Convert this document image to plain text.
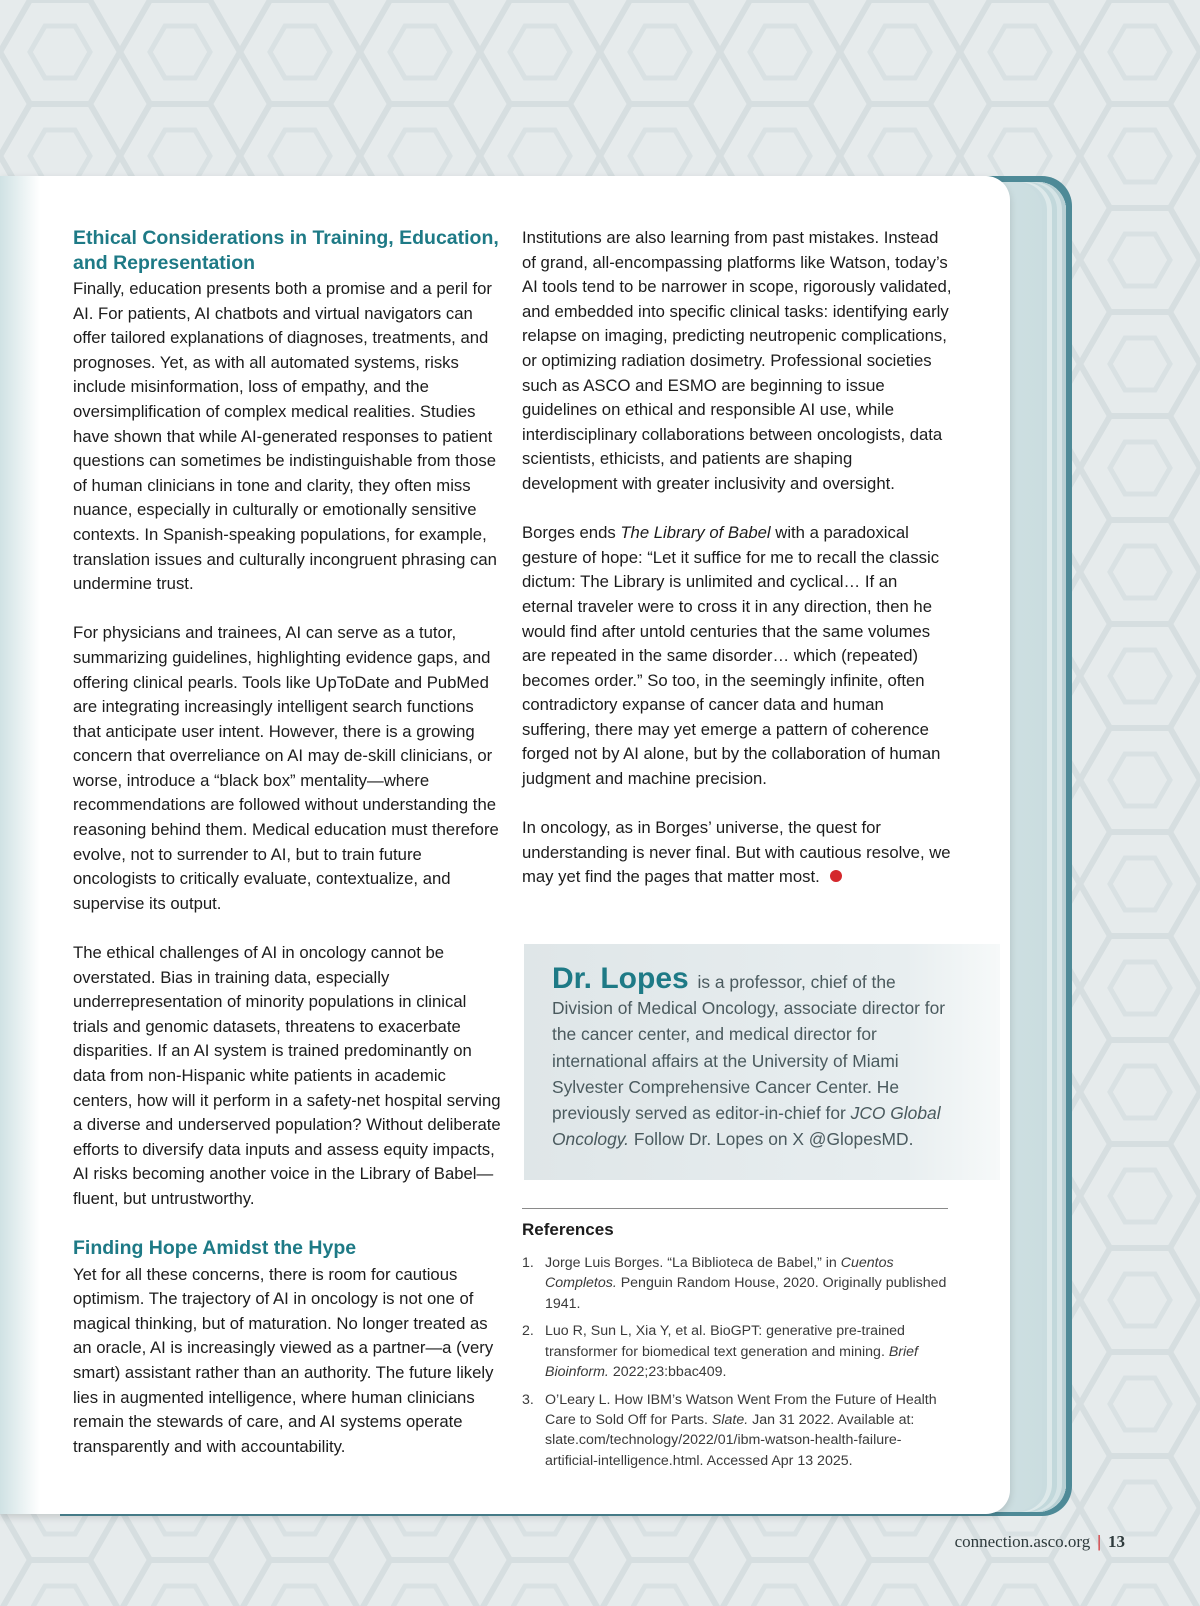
Ethical Considerations in Training, Education, and Representation

Finally, education presents both a promise and a peril for AI. For patients, AI chatbots and virtual navigators can offer tailored explanations of diagnoses, treatments, and prognoses. Yet, as with all automated systems, risks include misinformation, loss of empathy, and the oversimplification of complex medical realities. Studies have shown that while AI-generated responses to patient questions can sometimes be indistinguishable from those of human clinicians in tone and clarity, they often miss nuance, especially in culturally or emotionally sensitive contexts. In Spanish-speaking populations, for example, translation issues and culturally incongruent phrasing can undermine trust.

For physicians and trainees, AI can serve as a tutor, summarizing guidelines, highlighting evidence gaps, and offering clinical pearls. Tools like UpToDate and PubMed are integrating increasingly intelligent search functions that anticipate user intent. However, there is a growing concern that overreliance on AI may de-skill clinicians, or worse, introduce a “black box” mentality—where recommendations are followed without understanding the reasoning behind them. Medical education must therefore evolve, not to surrender to AI, but to train future oncologists to critically evaluate, contextualize, and supervise its output.

The ethical challenges of AI in oncology cannot be overstated. Bias in training data, especially underrepresentation of minority populations in clinical trials and genomic datasets, threatens to exacerbate disparities. If an AI system is trained predominantly on data from non-Hispanic white patients in academic centers, how will it perform in a safety-net hospital serving a diverse and underserved population? Without deliberate efforts to diversify data inputs and assess equity impacts, AI risks becoming another voice in the Library of Babel—fluent, but untrustworthy.

Finding Hope Amidst the Hype

Yet for all these concerns, there is room for cautious optimism. The trajectory of AI in oncology is not one of magical thinking, but of maturation. No longer treated as an oracle, AI is increasingly viewed as a partner—a (very smart) assistant rather than an authority. The future likely lies in augmented intelligence, where human clinicians remain the stewards of care, and AI systems operate transparently and with accountability.

Institutions are also learning from past mistakes. Instead of grand, all-encompassing platforms like Watson, today’s AI tools tend to be narrower in scope, rigorously validated, and embedded into specific clinical tasks: identifying early relapse on imaging, predicting neutropenic complications, or optimizing radiation dosimetry. Professional societies such as ASCO and ESMO are beginning to issue guidelines on ethical and responsible AI use, while interdisciplinary collaborations between oncologists, data scientists, ethicists, and patients are shaping development with greater inclusivity and oversight.

Borges ends The Library of Babel with a paradoxical gesture of hope: “Let it suffice for me to recall the classic dictum: The Library is unlimited and cyclical… If an eternal traveler were to cross it in any direction, then he would find after untold centuries that the same volumes are repeated in the same disorder… which (repeated) becomes order.” So too, in the seemingly infinite, often contradictory expanse of cancer data and human suffering, there may yet emerge a pattern of coherence forged not by AI alone, but by the collaboration of human judgment and machine precision.

In oncology, as in Borges’ universe, the quest for understanding is never final. But with cautious resolve, we may yet find the pages that matter most.

Dr. Lopes is a professor, chief of the Division of Medical Oncology, associate director for the cancer center, and medical director for international affairs at the University of Miami Sylvester Comprehensive Cancer Center. He previously served as editor-in-chief for JCO Global Oncology. Follow Dr. Lopes on X @GlopesMD.
References
1. Jorge Luis Borges. “La Biblioteca de Babel,” in Cuentos Completos. Penguin Random House, 2020. Originally published 1941.
2. Luo R, Sun L, Xia Y, et al. BioGPT: generative pre-trained transformer for biomedical text generation and mining. Brief Bioinform. 2022;23:bbac409.
3. O’Leary L. How IBM’s Watson Went From the Future of Health Care to Sold Off for Parts. Slate. Jan 31 2022. Available at: slate.com/technology/2022/01/ibm-watson-health-failure-artificial-intelligence.html. Accessed Apr 13 2025.
connection.asco.org | 13
